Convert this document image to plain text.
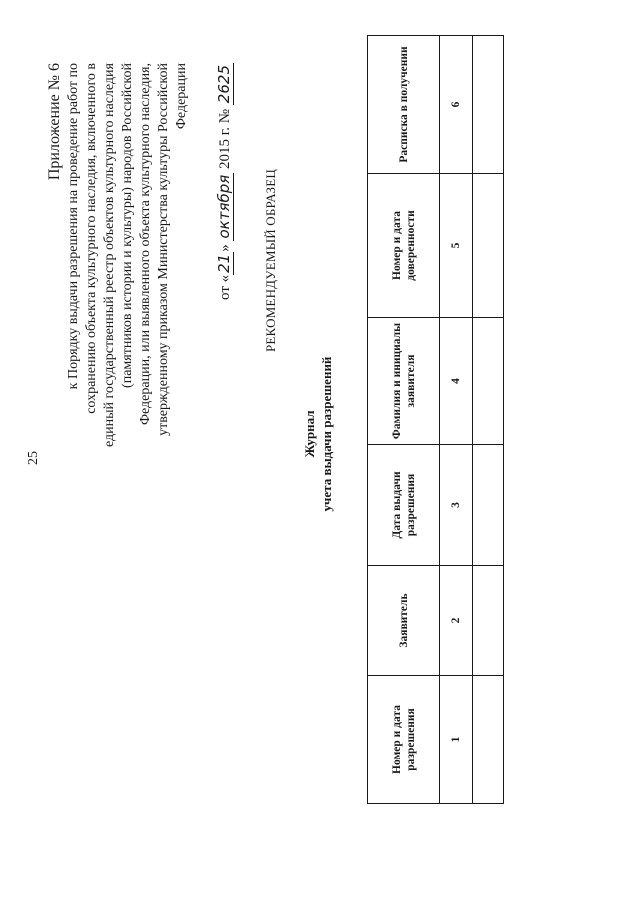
25
Приложение № 6 к Порядку выдачи разрешения на проведение работ по сохранению объекта культурного наследия, включенного в единый государственный реестр объектов культурного наследия (памятников истории и культуры) народов Российской Федерации, или выявленного объекта культурного наследия, утвержденному приказом Министерства культуры Российской Федерации
от «21» октября 2015 г. № 2625
РЕКОМЕНДУЕМЫЙ ОБРАЗЕЦ
Журнал учета выдачи разрешений
Номер и дата разрешения	Заявитель	Дата выдачи разрешения	Фамилия и инициалы заявителя	Номер и дата доверенности	Расписка в получении
1	2	3	4	5	6
